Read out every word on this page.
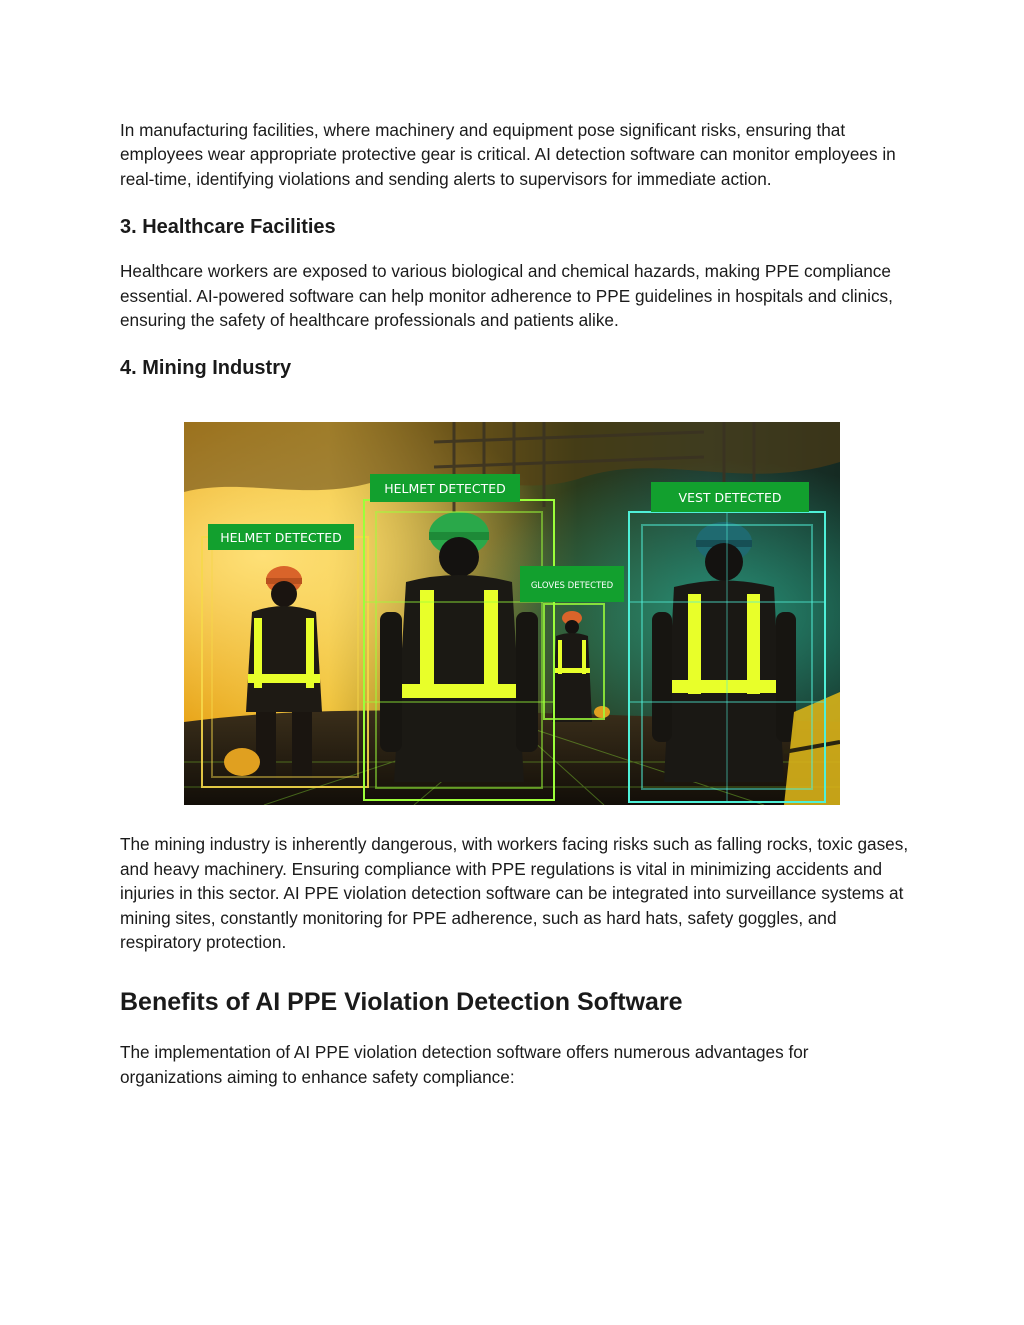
In manufacturing facilities, where machinery and equipment pose significant risks, ensuring that employees wear appropriate protective gear is critical. AI detection software can monitor employees in real-time, identifying violations and sending alerts to supervisors for immediate action.

3. Healthcare Facilities

Healthcare workers are exposed to various biological and chemical hazards, making PPE compliance essential. AI-powered software can help monitor adherence to PPE guidelines in hospitals and clinics, ensuring the safety of healthcare professionals and patients alike.

4. Mining Industry
HELMET DETECTED
HELMET DETECTED
VEST DETECTED
GLOVES DETECTED

The mining industry is inherently dangerous, with workers facing risks such as falling rocks, toxic gases, and heavy machinery. Ensuring compliance with PPE regulations is vital in minimizing accidents and injuries in this sector. AI PPE violation detection software can be integrated into surveillance systems at mining sites, constantly monitoring for PPE adherence, such as hard hats, safety goggles, and respiratory protection.

Benefits of AI PPE Violation Detection Software

The implementation of AI PPE violation detection software offers numerous advantages for organizations aiming to enhance safety compliance:
